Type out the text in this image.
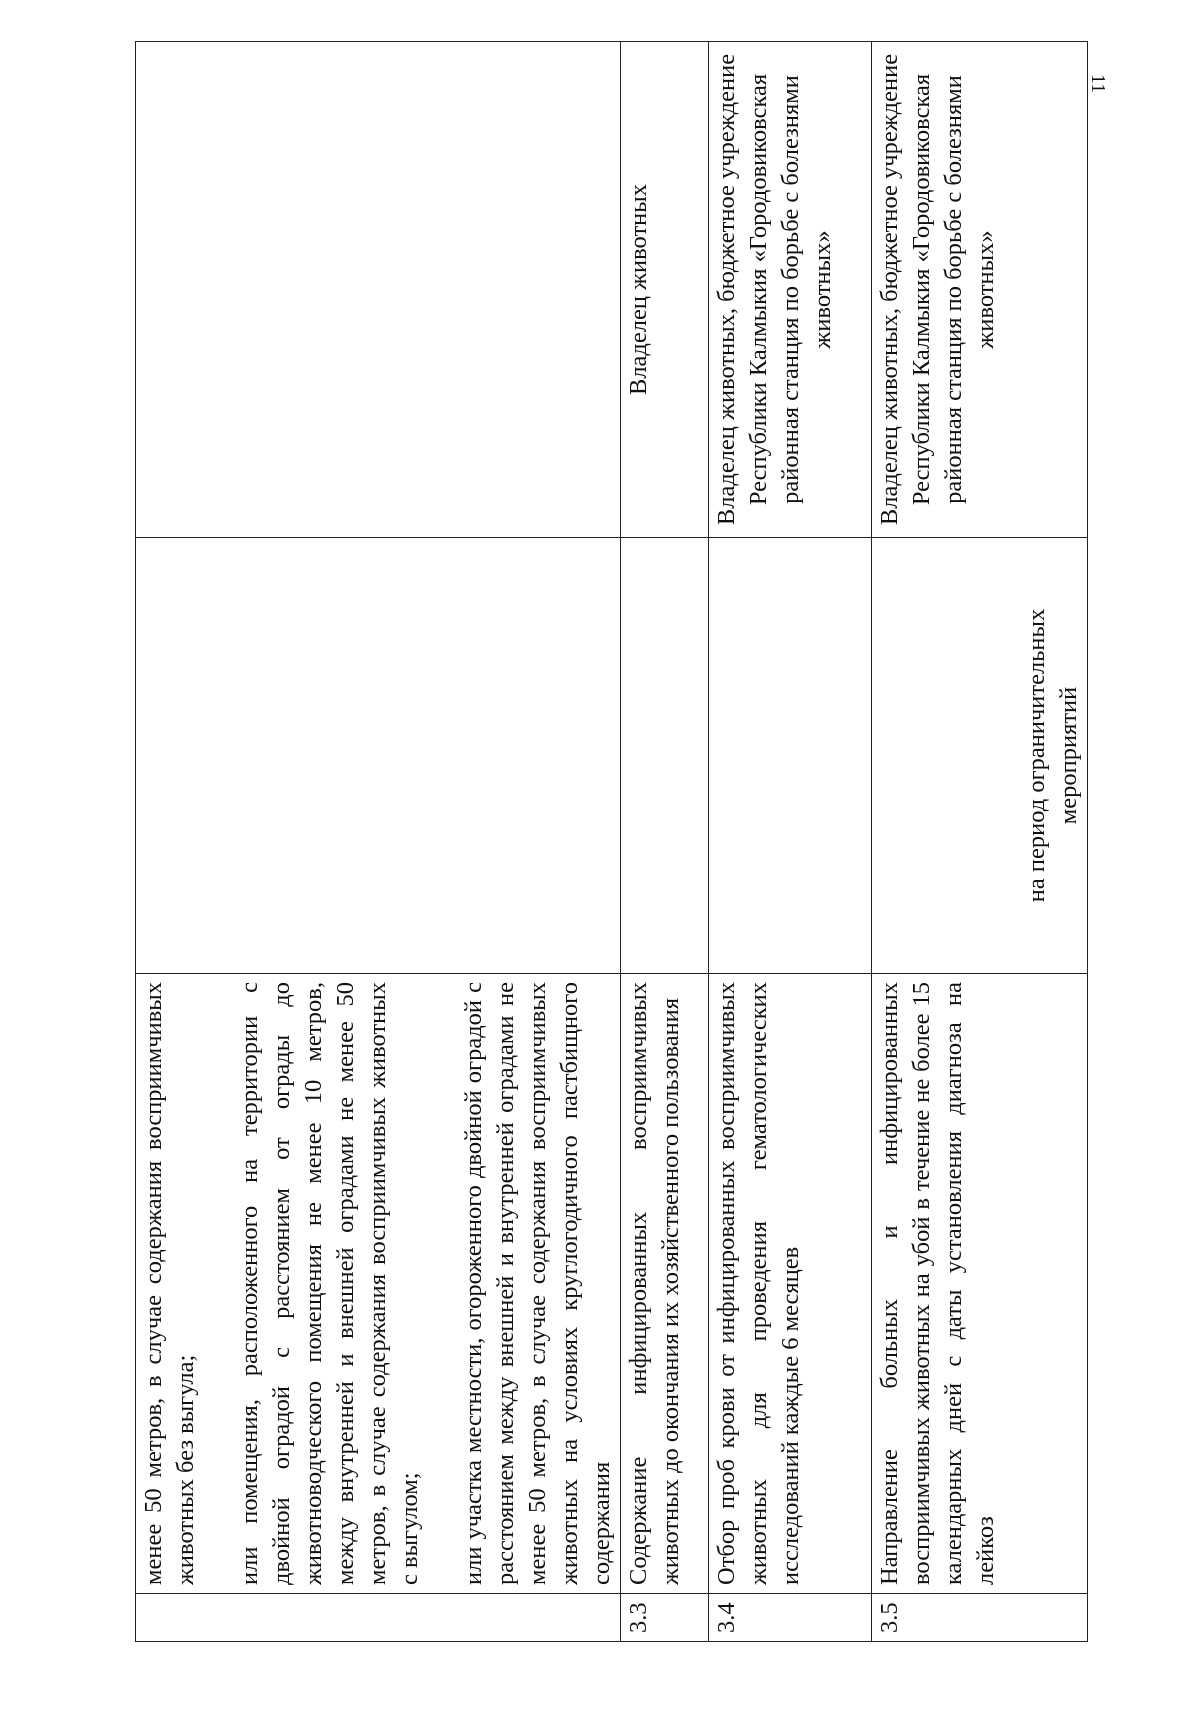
11

	менее 50 метров, в случае содержания восприимчивых животных без выгула; или помещения, расположенного на территории с двойной оградой с расстоянием от ограды до животноводческого помещения не менее 10 метров, между внутренней и внешней оградами не менее 50 метров, в случае содержания восприимчивых животных с выгулом; или участка местности, огороженного двойной оградой с расстоянием между внешней и внутренней оградами не менее 50 метров, в случае содержания восприимчивых животных на условиях круглогодичного пастбищного содержания		

3.3	Содержание инфицированных восприимчивых животных до окончания их хозяйственного пользования		Владелец животных
3.4	Отбор проб крови от инфицированных восприимчивых животных для проведения гематологических исследований каждые 6 месяцев		Владелец животных, бюджетное учреждение Республики Калмыкия «Городовиковская районная станция по борьбе с болезнями животных»
3.5	Направление больных и инфицированных восприимчивых животных на убой в течение не более 15 календарных дней с даты установления диагноза на лейкоз	на период ограничительных мероприятий	Владелец животных, бюджетное учреждение Республики Калмыкия «Городовиковская районная станция по борьбе с болезнями животных»
